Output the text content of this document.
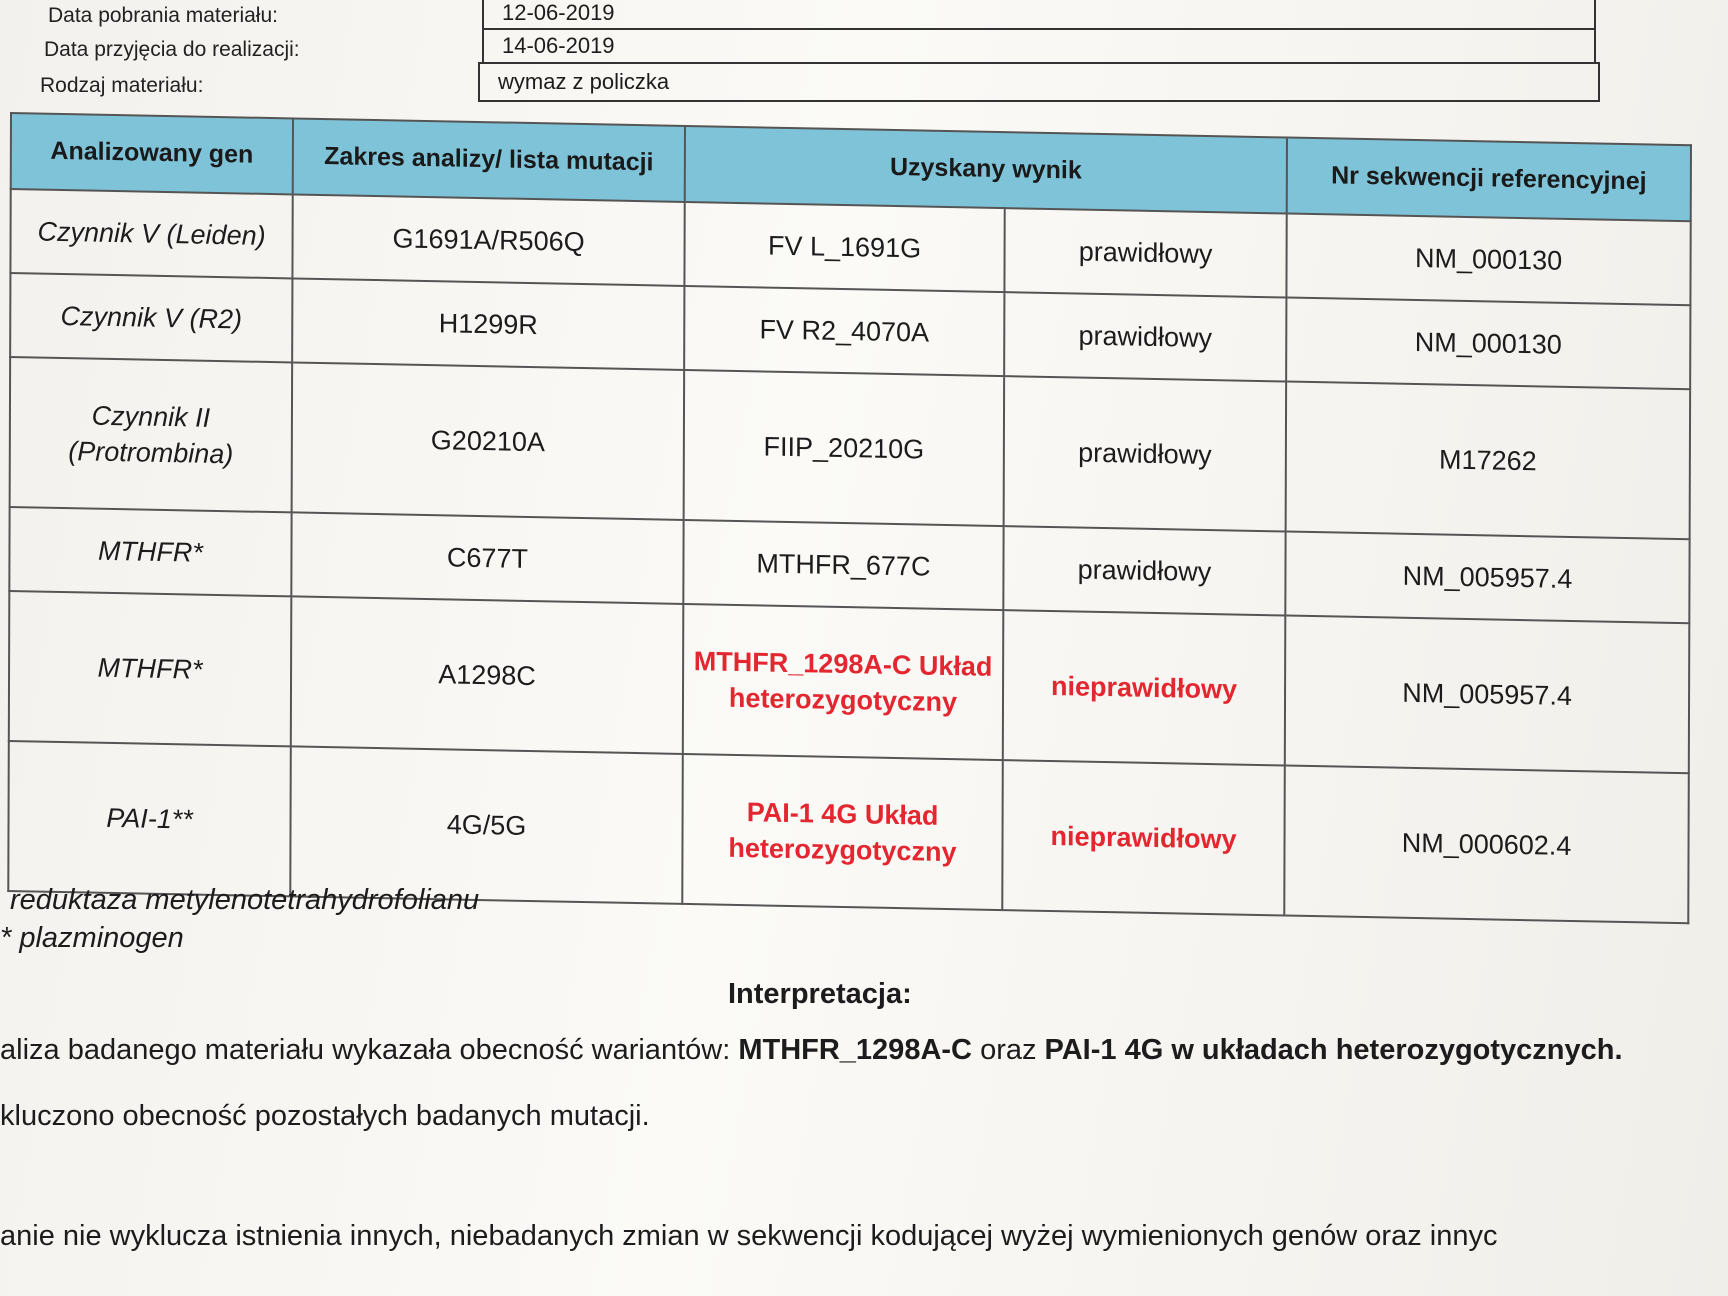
Data pobrania materiału:	12-06-2019
Data przyjęcia do realizacji:	14-06-2019
Rodzaj materiału:	wymaz z policzka
Analizowany gen	Zakres analizy/ lista mutacji	Uzyskany wynik		Nr sekwencji referencyjnej
Czynnik V (Leiden)	G1691A/R506Q	FV L_1691G	prawidłowy	NM_000130
Czynnik V (R2)	H1299R	FV R2_4070A	prawidłowy	NM_000130
Czynnik II (Protrombina)	G20210A	FIIP_20210G	prawidłowy	M17262
MTHFR*	C677T	MTHFR_677C	prawidłowy	NM_005957.4
MTHFR*	A1298C	MTHFR_1298A-C Układ heterozygotyczny	nieprawidłowy	NM_005957.4
PAI-1**	4G/5G	PAI-1 4G Układ heterozygotyczny	nieprawidłowy	NM_000602.4
reduktaza metylenotetrahydrofolianu
* plazminogen
Interpretacja:
aliza badanego materiału wykazała obecność wariantów: MTHFR_1298A-C oraz PAI-1 4G w układach heterozygotycznych.
kluczono obecność pozostałych badanych mutacji.
anie nie wyklucza istnienia innych, niebadanych zmian w sekwencji kodującej wyżej wymienionych genów oraz innyc
